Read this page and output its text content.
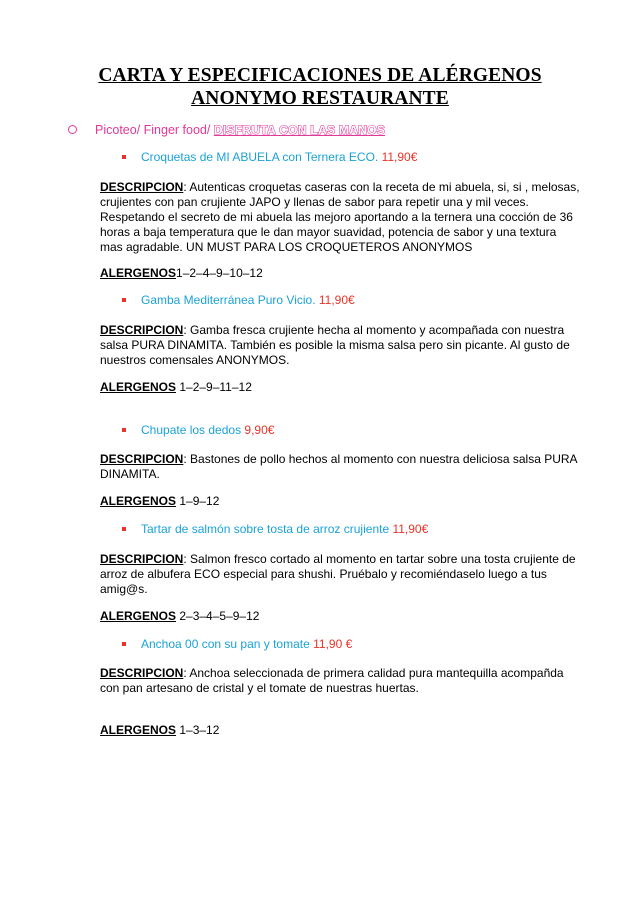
CARTA Y ESPECIFICACIONES DE ALÉRGENOS
ANONYMO RESTAURANTE
Picoteo/ Finger food/ DISFRUTA CON LAS MANOS
Croquetas de MI ABUELA con Ternera ECO. 11,90€
DESCRIPCION: Autenticas croquetas caseras con la receta de mi abuela, si, si , melosas, crujientes con pan crujiente JAPO y llenas de sabor para repetir una y mil veces. Respetando el secreto de mi abuela las mejoro aportando a la ternera una cocción de 36 horas a baja temperatura que le dan mayor suavidad, potencia de sabor y una textura mas agradable. UN MUST PARA LOS CROQUETEROS ANONYMOS
ALERGENOS1–2–4–9–10–12
Gamba Mediterránea Puro Vicio. 11,90€
DESCRIPCION: Gamba fresca crujiente hecha al momento y acompañada con nuestra salsa PURA DINAMITA. También es posible la misma salsa pero sin picante. Al gusto de nuestros comensales ANONYMOS.
ALERGENOS 1–2–9–11–12
Chupate los dedos 9,90€
DESCRIPCION: Bastones de pollo hechos al momento con nuestra deliciosa salsa PURA DINAMITA.
ALERGENOS 1–9–12
Tartar de salmón sobre tosta de arroz crujiente 11,90€
DESCRIPCION: Salmon fresco cortado al momento en tartar sobre una tosta crujiente de arroz de albufera ECO especial para shushi. Pruébalo y recomiéndaselo luego a tus amig@s.
ALERGENOS 2–3–4–5–9–12
Anchoa 00 con su pan y tomate 11,90 €
DESCRIPCION: Anchoa seleccionada de primera calidad pura mantequilla acompañda con pan artesano de cristal y el tomate de nuestras huertas.
ALERGENOS 1–3–12
